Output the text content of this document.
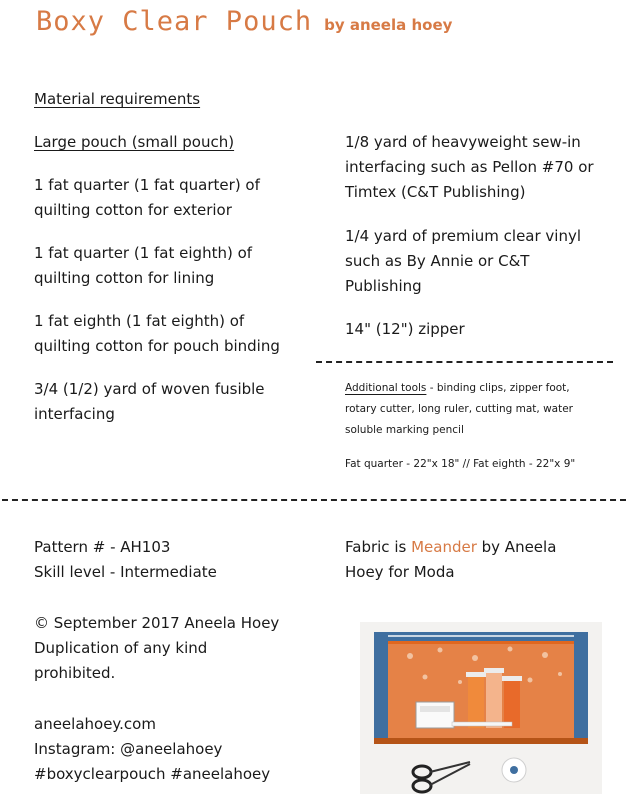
Boxy Clear Pouch by aneela hoey
Material requirements
Large pouch (small pouch)
1 fat quarter (1 fat quarter) of
quilting cotton for exterior
1 fat quarter (1 fat eighth) of
quilting cotton for lining
1 fat eighth (1 fat eighth) of
quilting cotton for pouch binding
3/4 (1/2) yard of woven fusible
interfacing
1/8 yard of heavyweight sew-in
interfacing such as Pellon #70 or
Timtex (C&T Publishing)
1/4 yard of premium clear vinyl
such as By Annie or C&T
Publishing
14" (12") zipper
Additional tools - binding clips, zipper foot,
rotary cutter, long ruler, cutting mat, water
soluble marking pencil
Fat quarter - 22"x 18" // Fat eighth - 22"x 9"
Pattern # - AH103
Skill level - Intermediate
© September 2017 Aneela Hoey
Duplication of any kind
prohibited.
aneelahoey.com
Instagram: @aneelahoey
#boxyclearpouch #aneelahoey
Fabric is Meander by Aneela
Hoey for Moda
